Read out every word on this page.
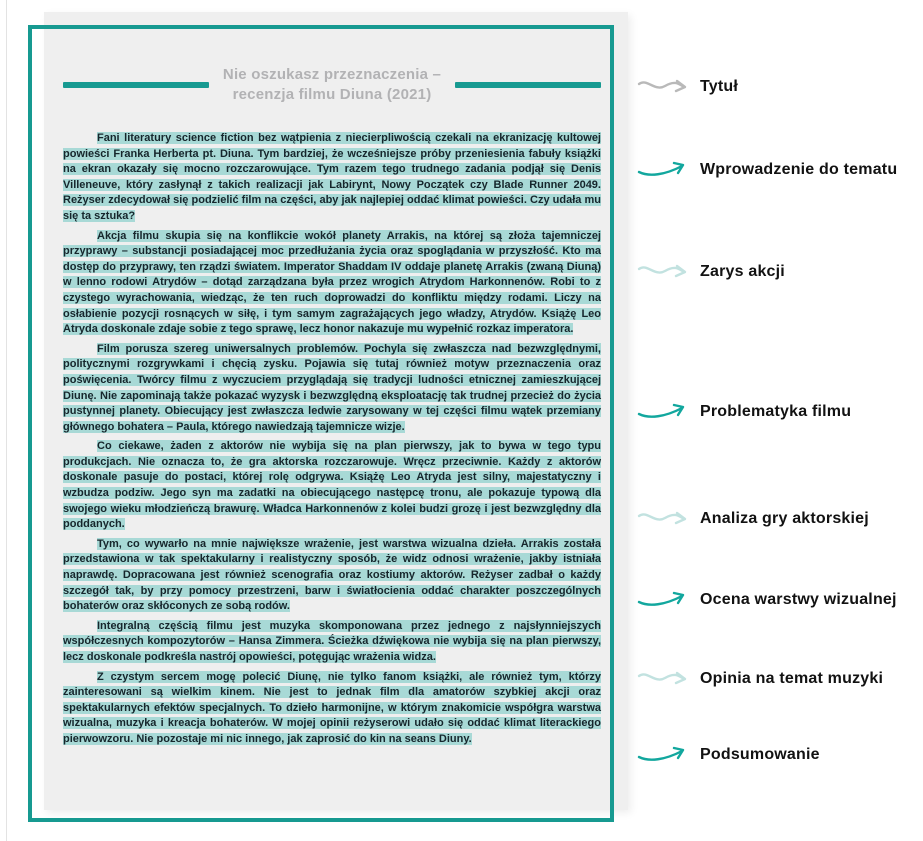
Nie oszukasz przeznaczenia –
recenzja filmu Diuna (2021)

Fani literatury science fiction bez wątpienia z niecierpliwością czekali na ekranizację kultowej powieści Franka Herberta pt. Diuna. Tym bardziej, że wcześniejsze próby przeniesienia fabuły książki na ekran okazały się mocno rozczarowujące. Tym razem tego trudnego zadania podjął się Denis Villeneuve, który zasłynął z takich realizacji jak Labirynt, Nowy Początek czy Blade Runner 2049. Reżyser zdecydował się podzielić film na części, aby jak najlepiej oddać klimat powieści. Czy udała mu się ta sztuka?

Akcja filmu skupia się na konflikcie wokół planety Arrakis, na której są złoża tajemniczej przyprawy – substancji posiadającej moc przedłużania życia oraz spoglądania w przyszłość. Kto ma dostęp do przyprawy, ten rządzi światem. Imperator Shaddam IV oddaje planetę Arrakis (zwaną Diuną) w lenno rodowi Atrydów – dotąd zarządzana była przez wrogich Atrydom Harkonnenów. Robi to z czystego wyrachowania, wiedząc, że ten ruch doprowadzi do konfliktu między rodami. Liczy na osłabienie pozycji rosnących w siłę, i tym samym zagrażających jego władzy, Atrydów. Książę Leo Atryda doskonale zdaje sobie z tego sprawę, lecz honor nakazuje mu wypełnić rozkaz imperatora.

Film porusza szereg uniwersalnych problemów. Pochyla się zwłaszcza nad bezwzględnymi, politycznymi rozgrywkami i chęcią zysku. Pojawia się tutaj również motyw przeznaczenia oraz poświęcenia. Twórcy filmu z wyczuciem przyglądają się tradycji ludności etnicznej zamieszkującej Diunę. Nie zapominają także pokazać wyzysk i bezwzględną eksploatację tak trudnej przecież do życia pustynnej planety. Obiecujący jest zwłaszcza ledwie zarysowany w tej części filmu wątek przemiany głównego bohatera – Paula, którego nawiedzają tajemnicze wizje.

Co ciekawe, żaden z aktorów nie wybija się na plan pierwszy, jak to bywa w tego typu produkcjach. Nie oznacza to, że gra aktorska rozczarowuje. Wręcz przeciwnie. Każdy z aktorów doskonale pasuje do postaci, której rolę odgrywa. Książę Leo Atryda jest silny, majestatyczny i wzbudza podziw. Jego syn ma zadatki na obiecującego następcę tronu, ale pokazuje typową dla swojego wieku młodzieńczą brawurę. Władca Harkonnenów z kolei budzi grozę i jest bezwzględny dla poddanych.

Tym, co wywarło na mnie największe wrażenie, jest warstwa wizualna dzieła. Arrakis została przedstawiona w tak spektakularny i realistyczny sposób, że widz odnosi wrażenie, jakby istniała naprawdę. Dopracowana jest również scenografia oraz kostiumy aktorów. Reżyser zadbał o każdy szczegół tak, by przy pomocy przestrzeni, barw i światłocienia oddać charakter poszczególnych bohaterów oraz skłóconych ze sobą rodów.

Integralną częścią filmu jest muzyka skomponowana przez jednego z najsłynniejszych współczesnych kompozytorów – Hansa Zimmera. Ścieżka dźwiękowa nie wybija się na plan pierwszy, lecz doskonale podkreśla nastrój opowieści, potęgując wrażenia widza.

Z czystym sercem mogę polecić Diunę, nie tylko fanom książki, ale również tym, którzy zainteresowani są wielkim kinem. Nie jest to jednak film dla amatorów szybkiej akcji oraz spektakularnych efektów specjalnych. To dzieło harmonijne, w którym znakomicie współgra warstwa wizualna, muzyka i kreacja bohaterów. W mojej opinii reżyserowi udało się oddać klimat literackiego pierwowzoru. Nie pozostaje mi nic innego, jak zaprosić do kin na seans Diuny.

Tytuł
Wprowadzenie do tematu
Zarys akcji
Problematyka filmu
Analiza gry aktorskiej
Ocena warstwy wizualnej
Opinia na temat muzyki
Podsumowanie
